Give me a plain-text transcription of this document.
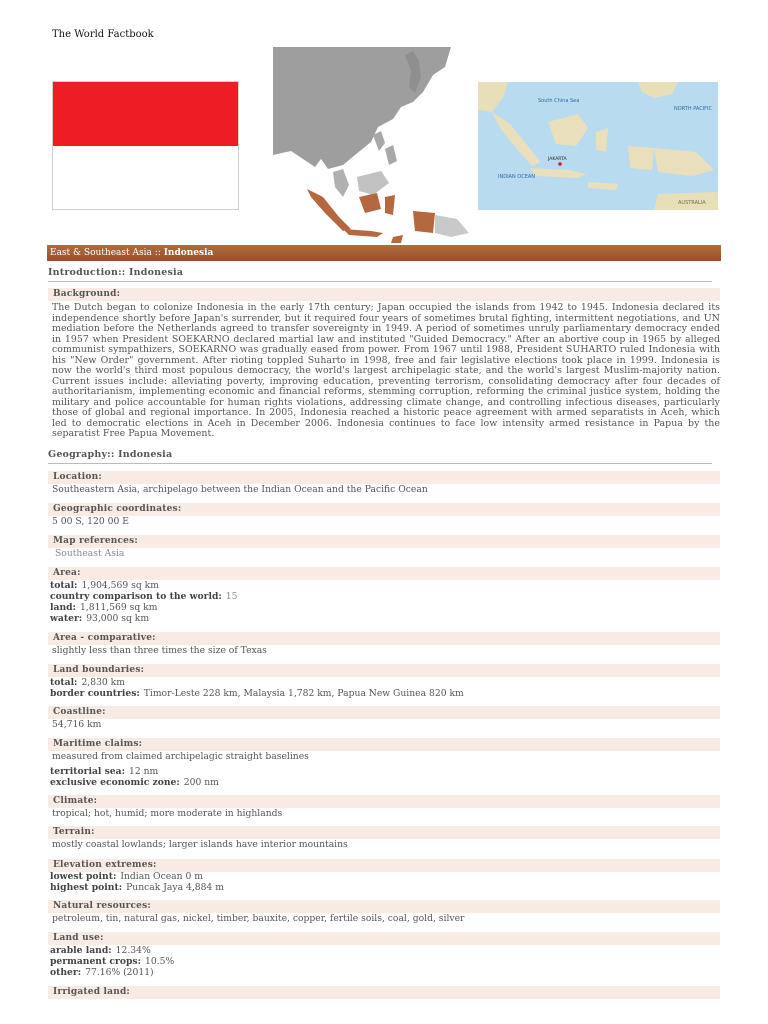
The World Factbook
South China Sea
NORTH PACIFIC
INDIAN OCEAN
AUSTRALIA
JAKARTA
East & Southeast Asia :: Indonesia
Introduction:: Indonesia
Background:
The Dutch began to colonize Indonesia in the early 17th century; Japan occupied the islands from 1942 to 1945. Indonesia declared its independence shortly before Japan's surrender, but it required four years of sometimes brutal fighting, intermittent negotiations, and UN mediation before the Netherlands agreed to transfer sovereignty in 1949. A period of sometimes unruly parliamentary democracy ended in 1957 when President SOEKARNO declared martial law and instituted "Guided Democracy." After an abortive coup in 1965 by alleged communist sympathizers, SOEKARNO was gradually eased from power. From 1967 until 1988, President SUHARTO ruled Indonesia with his "New Order" government. After rioting toppled Suharto in 1998, free and fair legislative elections took place in 1999. Indonesia is now the world's third most populous democracy, the world's largest archipelagic state, and the world's largest Muslim-majority nation. Current issues include: alleviating poverty, improving education, preventing terrorism, consolidating democracy after four decades of authoritarianism, implementing economic and financial reforms, stemming corruption, reforming the criminal justice system, holding the military and police accountable for human rights violations, addressing climate change, and controlling infectious diseases, particularly those of global and regional importance. In 2005, Indonesia reached a historic peace agreement with armed separatists in Aceh, which led to democratic elections in Aceh in December 2006. Indonesia continues to face low intensity armed resistance in Papua by the separatist Free Papua Movement.
Geography:: Indonesia
Location:
Southeastern Asia, archipelago between the Indian Ocean and the Pacific Ocean
Geographic coordinates:
5 00 S, 120 00 E
Map references:
Southeast Asia
Area:
total: 1,904,569 sq km
country comparison to the world: 15
land: 1,811,569 sq km
water: 93,000 sq km
Area - comparative:
slightly less than three times the size of Texas
Land boundaries:
total: 2,830 km
border countries: Timor-Leste 228 km, Malaysia 1,782 km, Papua New Guinea 820 km
Coastline:
54,716 km
Maritime claims:
measured from claimed archipelagic straight baselines
territorial sea: 12 nm
exclusive economic zone: 200 nm
Climate:
tropical; hot, humid; more moderate in highlands
Terrain:
mostly coastal lowlands; larger islands have interior mountains
Elevation extremes:
lowest point: Indian Ocean 0 m
highest point: Puncak Jaya 4,884 m
Natural resources:
petroleum, tin, natural gas, nickel, timber, bauxite, copper, fertile soils, coal, gold, silver
Land use:
arable land: 12.34%
permanent crops: 10.5%
other: 77.16% (2011)
Irrigated land:
